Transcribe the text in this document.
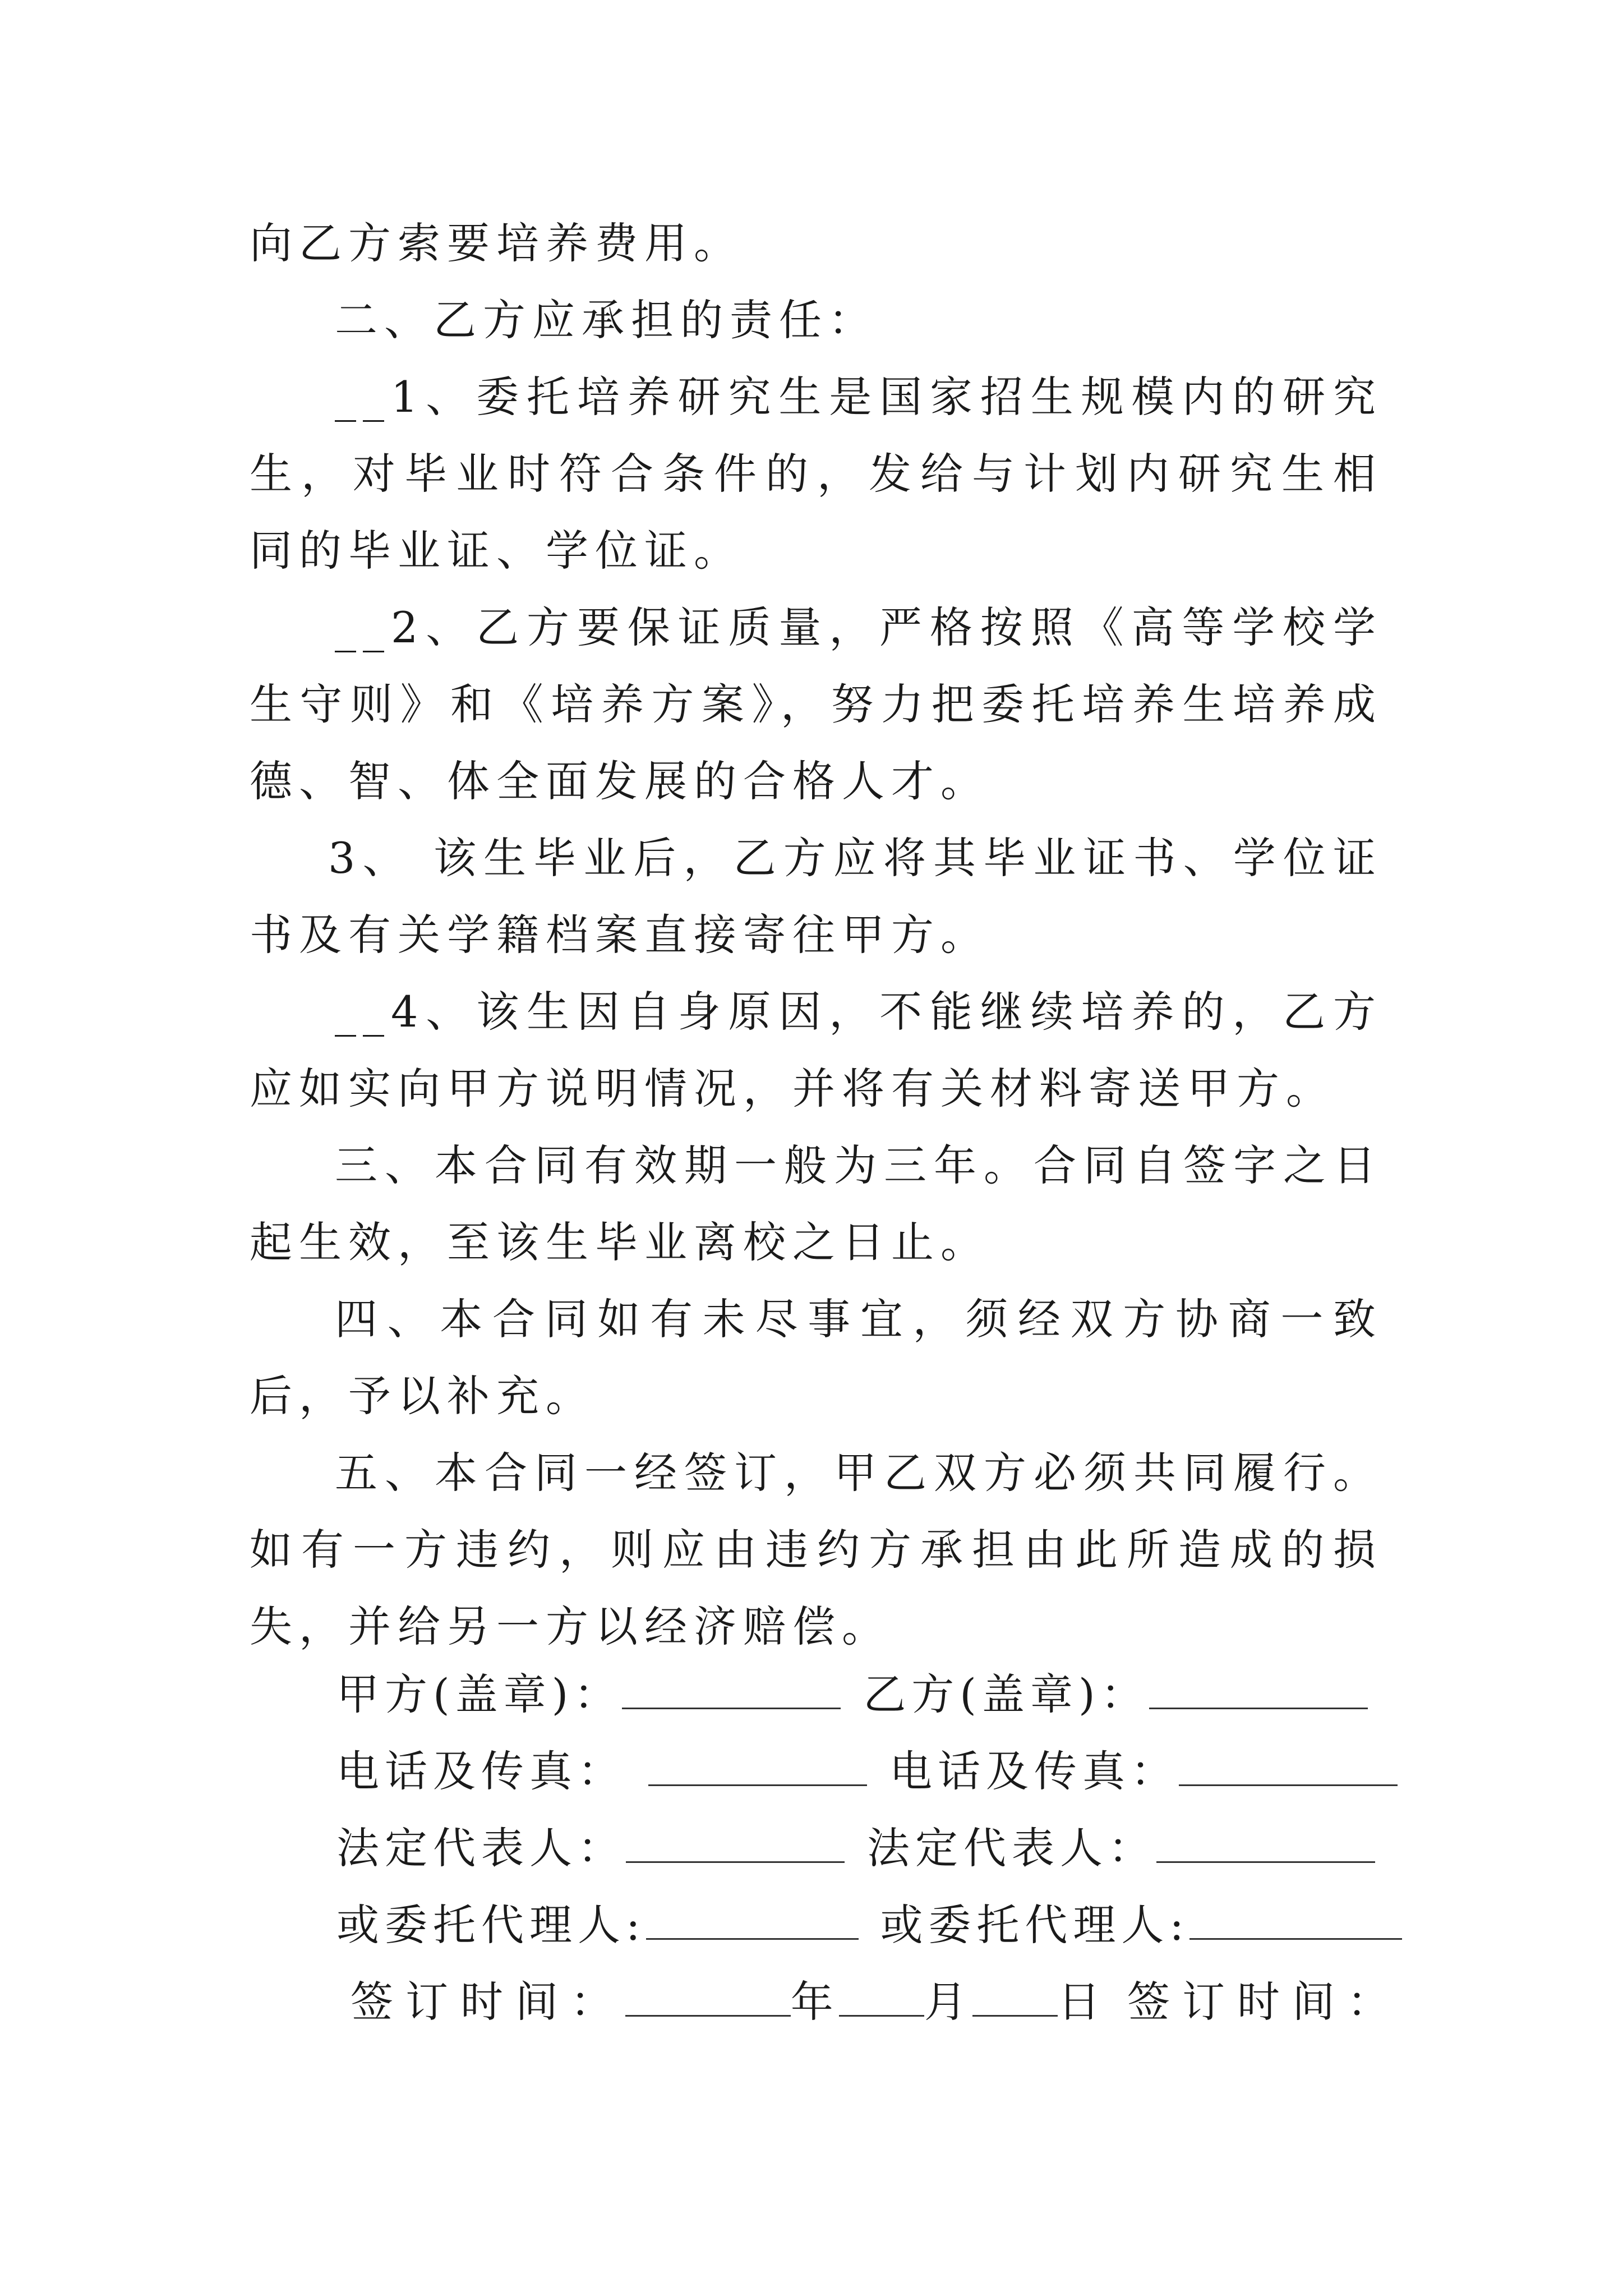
向乙方索要培养费用。

二、乙方应承担的责任：

__1、委托培养研究生是国家招生规模内的研究生，对毕业时符合条件的，发给与计划内研究生相同的毕业证、学位证。

__2、乙方要保证质量，严格按照《高等学校学生守则》和《培养方案》，努力把委托培养生培养成德、智、体全面发展的合格人才。

3、 该生毕业后，乙方应将其毕业证书、学位证书及有关学籍档案直接寄往甲方。

__4、该生因自身原因，不能继续培养的，乙方应如实向甲方说明情况，并将有关材料寄送甲方。

三、本合同有效期一般为三年。合同自签字之日起生效，至该生毕业离校之日止。

四、本合同如有未尽事宜，须经双方协商一致后，予以补充。

五、本合同一经签订，甲乙双方必须共同履行。如有一方违约，则应由违约方承担由此所造成的损失，并给另一方以经济赔偿。

甲方(盖章)：	乙方(盖章)：
电话及传真：	电话及传真：
法定代表人：	法定代表人：
或委托代理人:	或委托代理人:
签订时间：	年 月 日 签订时间：
